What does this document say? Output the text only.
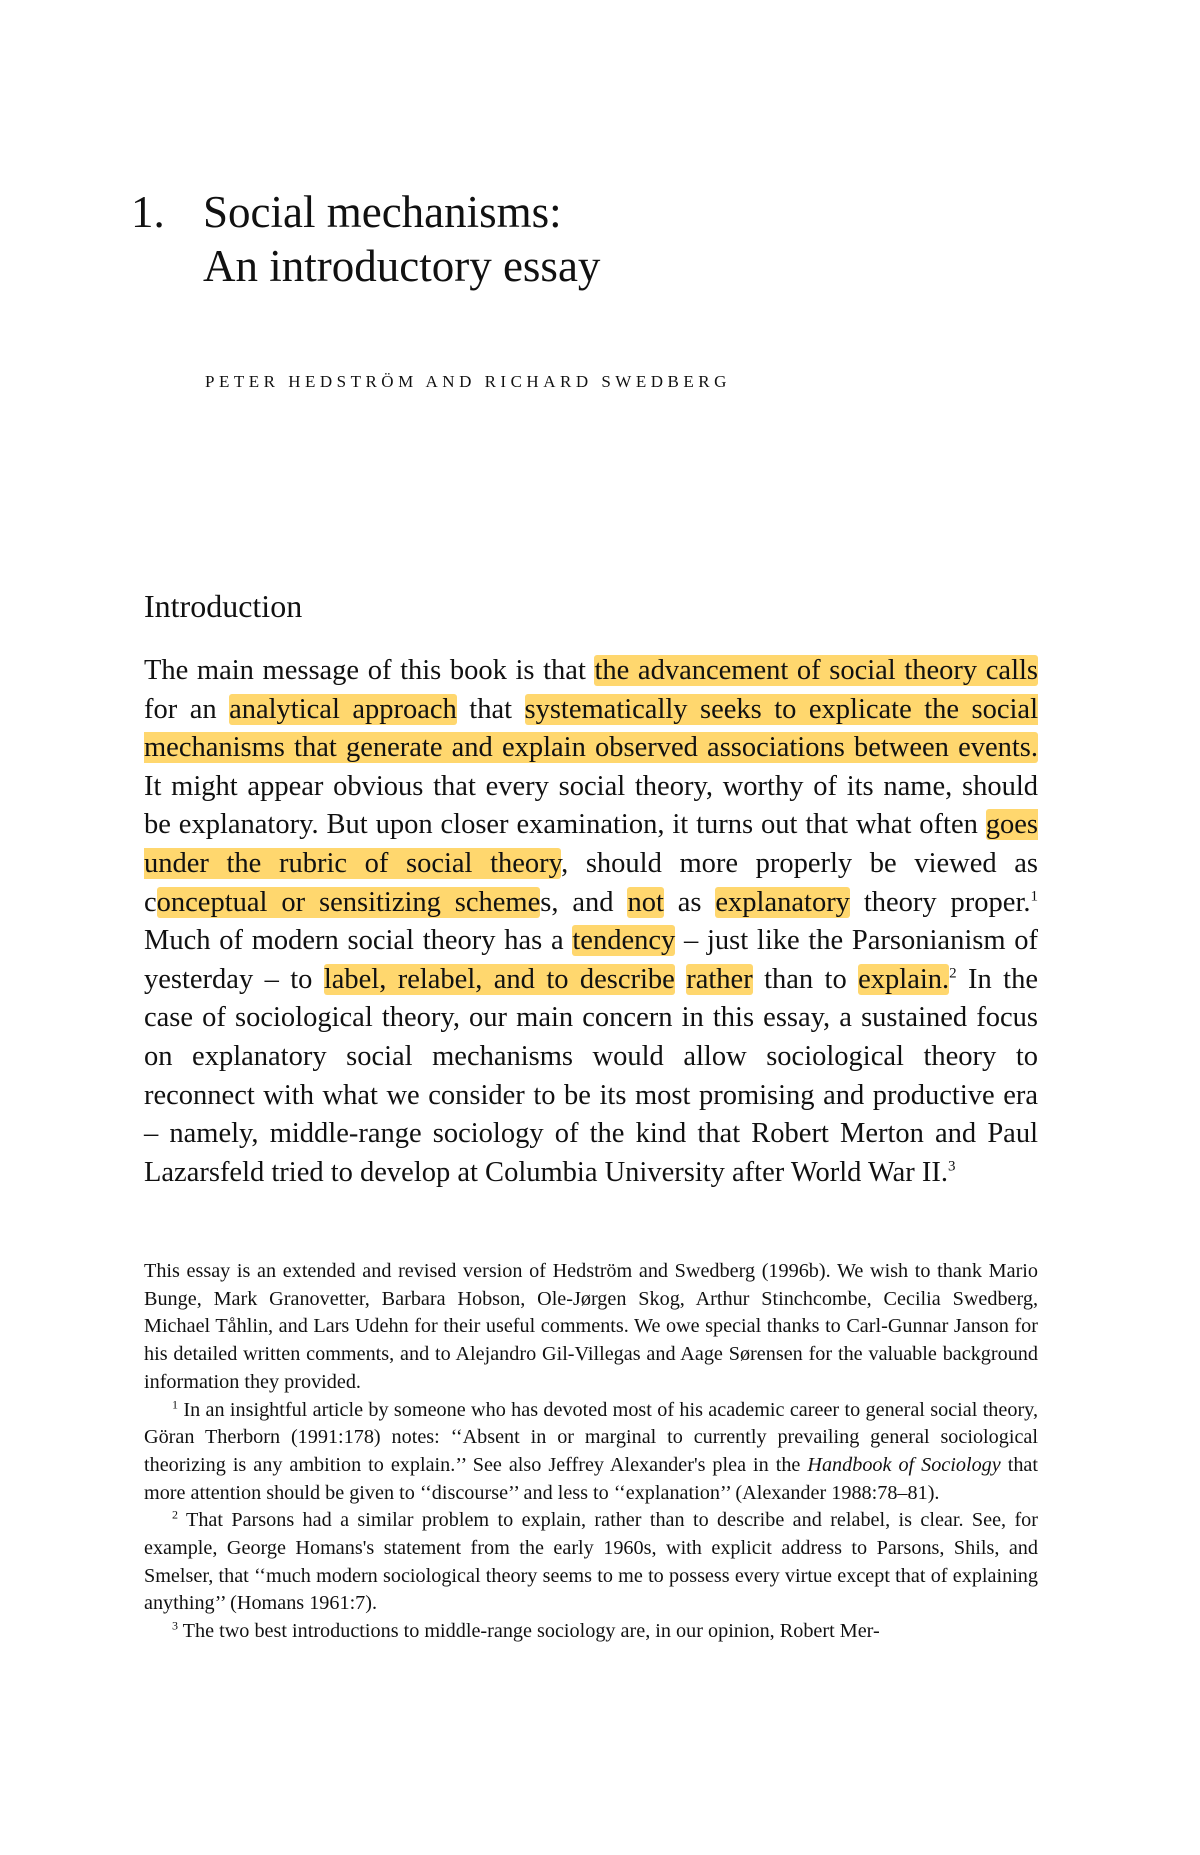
1. Social mechanisms:
An introductory essay
PETER HEDSTRÖM AND RICHARD SWEDBERG
Introduction

The main message of this book is that the advancement of social theory calls for an analytical approach that systematically seeks to explicate the social mechanisms that generate and explain observed associations between events. It might appear obvious that every social theory, worthy of its name, should be explanatory. But upon closer examination, it turns out that what often goes under the rubric of social theory, should more properly be viewed as conceptual or sensitizing schemes, and not as explanatory theory proper.$^1$ Much of modern social theory has a tendency – just like the Parsonianism of yesterday – to label, relabel, and to describe rather than to explain.$^2$ In the case of sociological theory, our main concern in this essay, a sustained focus on explanatory social mechanisms would allow sociological theory to reconnect with what we consider to be its most promising and productive era – namely, middle-range sociology of the kind that Robert Merton and Paul Lazarsfeld tried to develop at Columbia University after World War II.$^3$

This essay is an extended and revised version of Hedström and Swedberg (1996b). We wish to thank Mario Bunge, Mark Granovetter, Barbara Hobson, Ole-Jørgen Skog, Arthur Stinchcombe, Cecilia Swedberg, Michael Tåhlin, and Lars Udehn for their useful comments. We owe special thanks to Carl-Gunnar Janson for his detailed written comments, and to Alejandro Gil-Villegas and Aage Sørensen for the valuable background information they provided.

$^1$ In an insightful article by someone who has devoted most of his academic career to general social theory, Göran Therborn (1991:178) notes: ‘‘Absent in or marginal to currently prevailing general sociological theorizing is any ambition to explain.’’ See also Jeffrey Alexander's plea in the Handbook of Sociology that more attention should be given to ‘‘discourse’’ and less to ‘‘explanation’’ (Alexander 1988:78–81).

$^2$ That Parsons had a similar problem to explain, rather than to describe and relabel, is clear. See, for example, George Homans's statement from the early 1960s, with explicit address to Parsons, Shils, and Smelser, that ‘‘much modern sociological theory seems to me to possess every virtue except that of explaining anything’’ (Homans 1961:7).

$^3$ The two best introductions to middle-range sociology are, in our opinion, Robert Mer-
